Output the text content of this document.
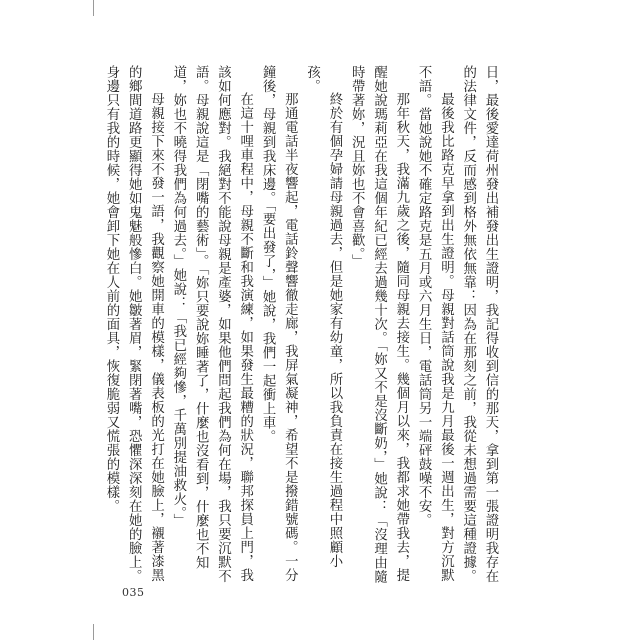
日，最後愛達荷州發出補發出生證明，我記得收到信的那天，拿到第一張證明我存在的法律文件，反而感到格外無依無靠：因為在那刻之前，我從未想過需要這種證據。

最後我比路克早拿到出生證明。母親對話筒說我是九月最後一週出生，對方沉默不語。當她說她不確定路克是五月或六月生日，電話筒另一端砰鼓噪不安。

那年秋天，我滿九歲之後，隨同母親去接生。幾個月以來，我都求她帶我去，提醒她說瑪莉亞在我這個年紀已經去過幾十次。「妳又不是沒斷奶，」她說：「沒理由隨時帶著妳，況且妳也不會喜歡。」

終於有個孕婦請母親過去，但是她家有幼童，所以我負責在接生過程中照顧小孩。

那通電話半夜響起，電話鈴聲響徹走廊，我屏氣凝神，希望不是撥錯號碼。一分鐘後，母親到我床邊。「要出發了，」她說，我們一起衝上車。

在這十哩車程中，母親不斷和我演練，如果發生最糟的狀況，聯邦探員上門，我該如何應對。我絕對不能說母親是產婆，如果他們問起我們為何在場，我只要沉默不語。母親說這是「閉嘴的藝術」。「妳只要說妳睡著了，什麼也沒看到，什麼也不知道，妳也不曉得我們為何過去。」她說：「我已經夠慘，千萬別提油救火。」

母親接下來不發一語，我觀察她開車的模樣，儀表板的光打在她臉上，襯著漆黑的鄉間道路更顯得她如鬼魅般慘白。她皺著眉，緊閉著嘴，恐懼深深刻在她的臉上。身邊只有我的時候，她會卸下她在人前的面具，恢復脆弱又慌張的模樣。

035
